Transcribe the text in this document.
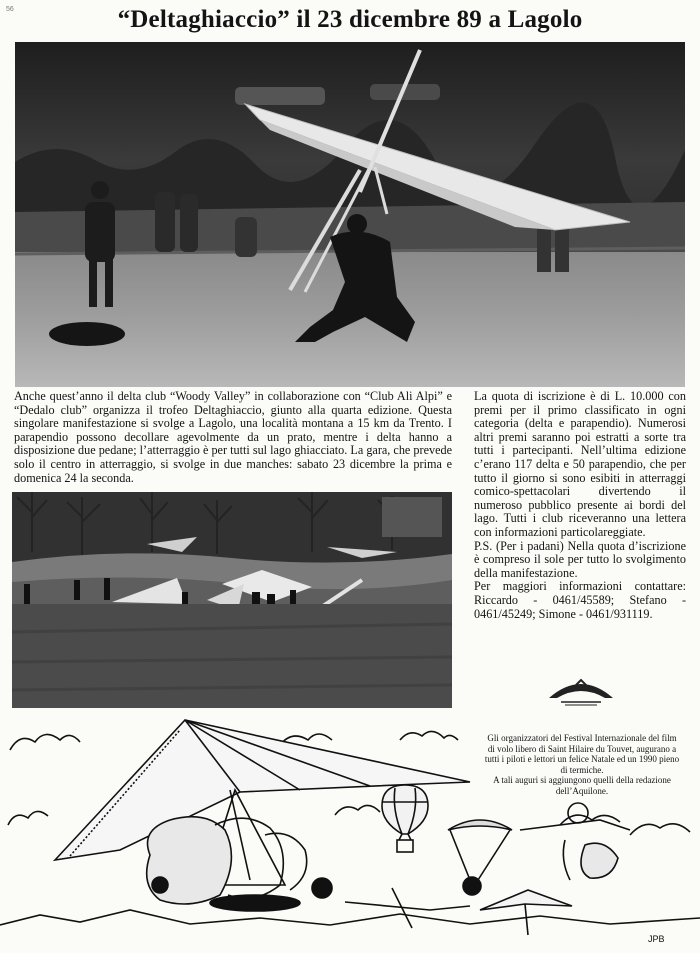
56	“Deltaghiaccio” il 23 dicembre 89 a Lagolo

Anche quest’anno il delta club “Woody Valley” in collaborazione con “Club Ali Alpi” e “Dedalo club” organizza il trofeo Deltaghiaccio, giunto alla quarta edizione. Questa singolare manifestazione si svolge a Lagolo, una località montana a 15 km da Trento. I parapendio possono decollare agevolmente da un prato, mentre i delta hanno a disposizione due pedane; l’atterraggio è per tutti sul lago ghiacciato. La gara, che prevede solo il centro in atterraggio, si svolge in due manches: sabato 23 dicembre la prima e domenica 24 la seconda.

La quota di iscrizione è di L. 10.000 con premi per il primo classificato in ogni categoria (delta e parapendio). Numerosi altri premi saranno poi estratti a sorte tra tutti i partecipanti. Nell’ultima edizione c’erano 117 delta e 50 parapendio, che per tutto il giorno si sono esibiti in atterraggi comico-spettacolari divertendo il numeroso pubblico presente ai bordi del lago. Tutti i club riceveranno una lettera con informazioni particolareggiate.

P.S. (Per i padani) Nella quota d’iscrizione è compreso il sole per tutto lo svolgimento della manifestazione.

Per maggiori informazioni contattare: Riccardo - 0461/45589; Stefano - 0461/45249; Simone - 0461/931119.

JPB

Gli organizzatori del Festival Internazionale del film di volo libero di Saint Hilaire du Touvet, augurano a tutti i piloti e lettori un felice Natale ed un 1990 pieno di termiche.

A tali auguri si aggiungono quelli della redazione dell’Aquilone.
